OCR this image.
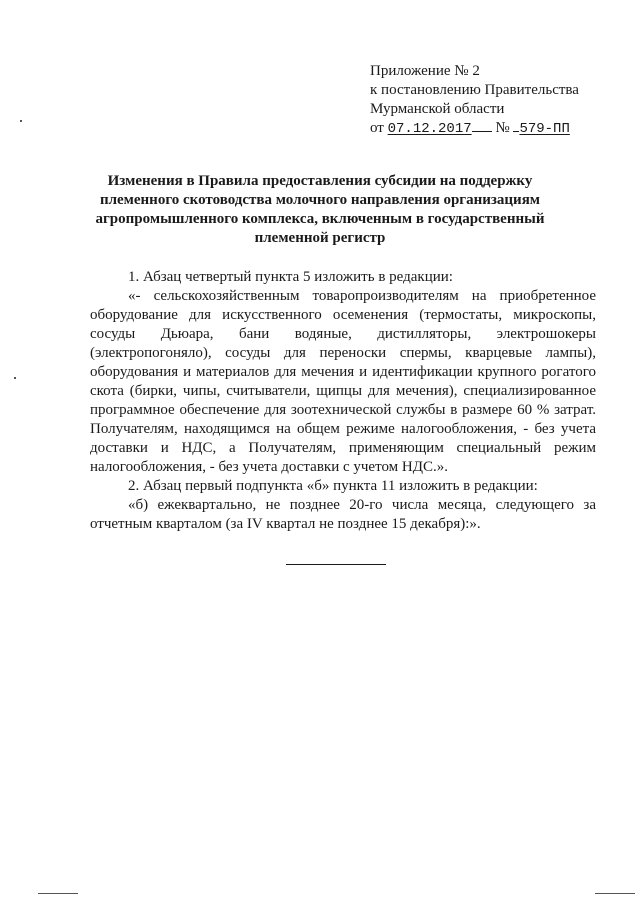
Приложение № 2
к постановлению Правительства
Мурманской области
от 07.12.2017 № 579-ПП
Изменения в Правила предоставления субсидии на поддержку
племенного скотоводства молочного направления организациям
агропромышленного комплекса, включенным в государственный
племенной регистр

1. Абзац четвертый пункта 5 изложить в редакции:

«- сельскохозяйственным товаропроизводителям на приобретенное
оборудование для искусственного осеменения (термостаты, микроскопы,
сосуды Дьюара, бани водяные, дистилляторы, электрошокеры
(электропогоняло), сосуды для переноски спермы, кварцевые лампы),
оборудования и материалов для мечения и идентификации крупного рогатого
скота (бирки, чипы, считыватели, щипцы для мечения), специализированное
программное обеспечение для зоотехнической службы в размере 60 % затрат.
Получателям, находящимся на общем режиме налогообложения, - без учета
доставки и НДС, а Получателям, применяющим специальный режим
налогообложения, - без учета доставки с учетом НДС.».

2. Абзац первый подпункта «б» пункта 11 изложить в редакции:

«б) ежеквартально, не позднее 20-го числа месяца, следующего за
отчетным кварталом (за IV квартал не позднее 15 декабря):».
